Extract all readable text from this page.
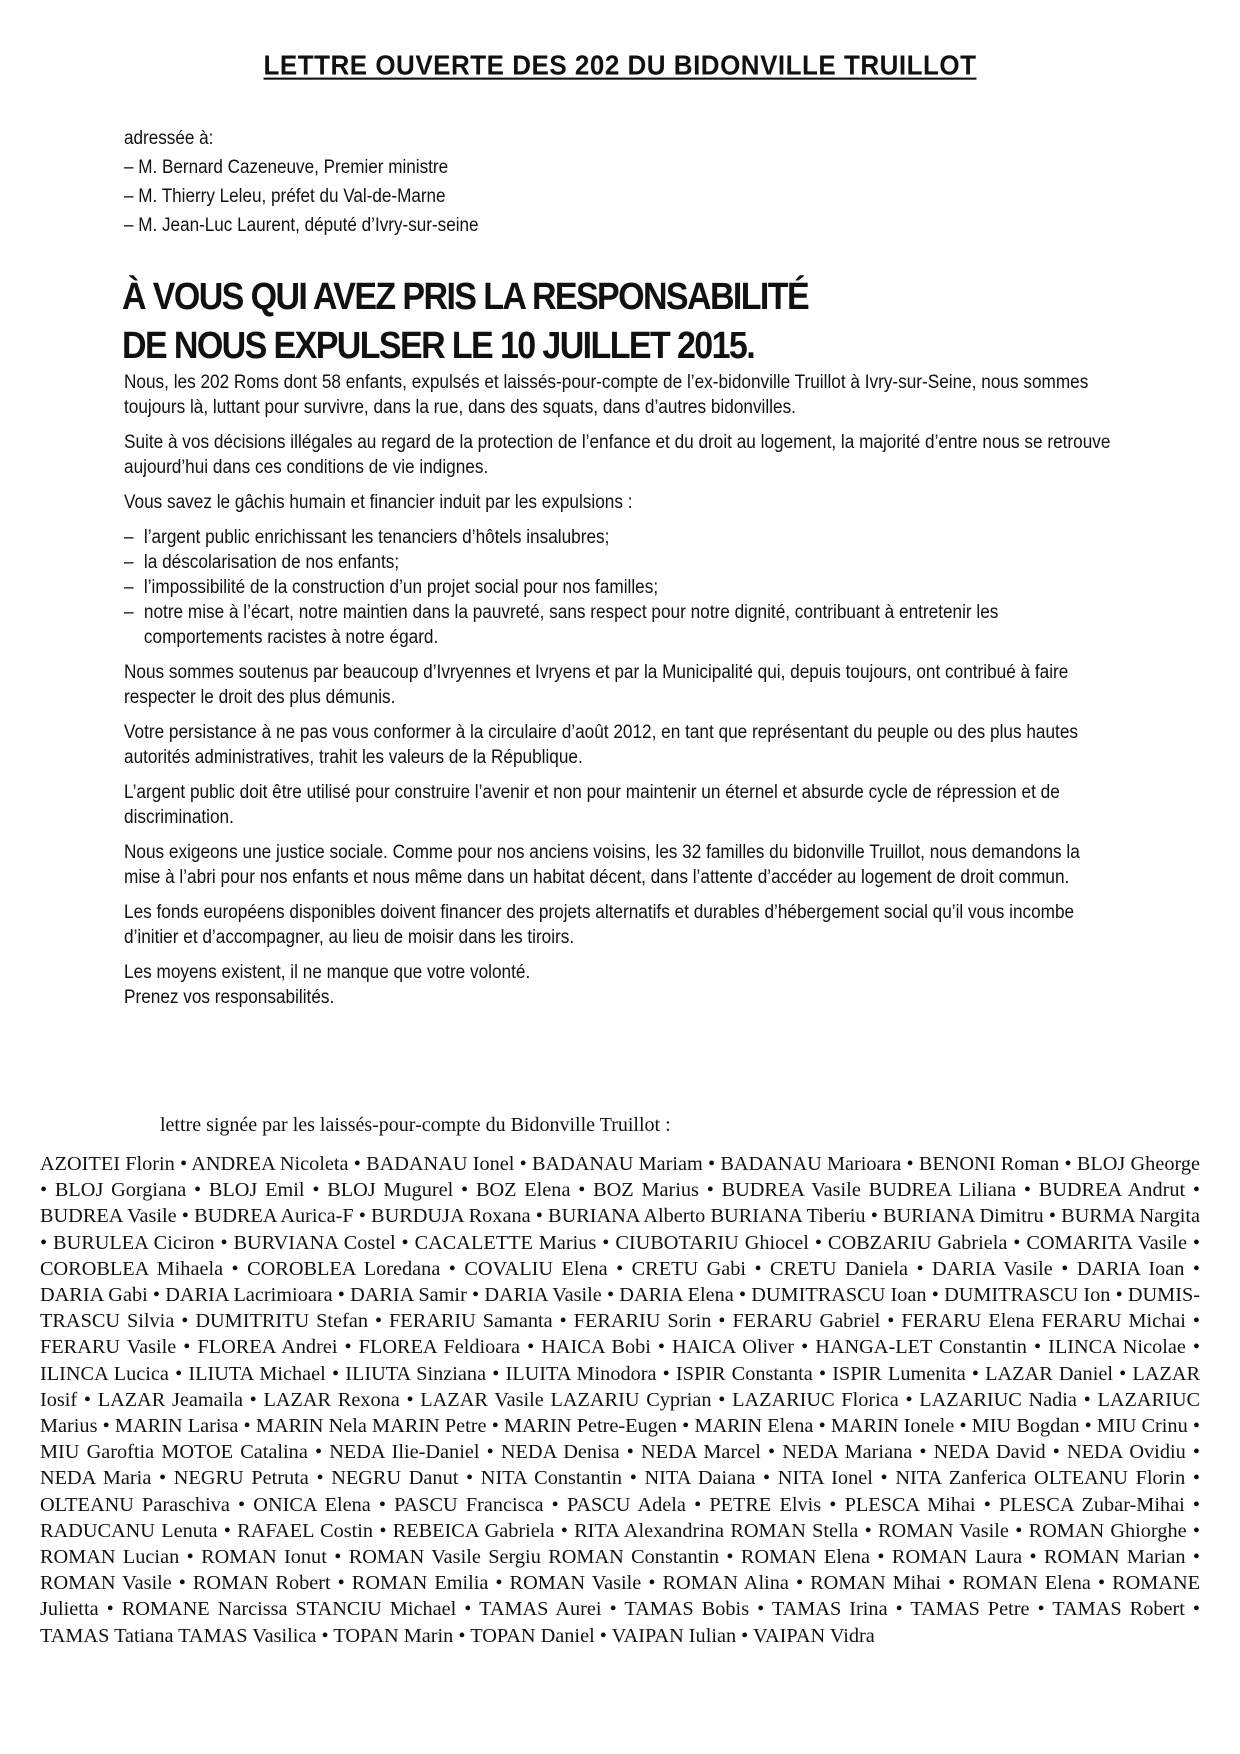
LETTRE OUVERTE DES 202 DU BIDONVILLE TRUILLOT
adressée à:
– M. Bernard Cazeneuve, Premier ministre
– M. Thierry Leleu, préfet du Val-de-Marne
– M. Jean-Luc Laurent, député d’Ivry-sur-seine
À VOUS QUI AVEZ PRIS LA RESPONSABILITÉ
DE NOUS EXPULSER LE 10 JUILLET 2015.

Nous, les 202 Roms dont 58 enfants, expulsés et laissés-pour-compte de l’ex-bidonville Truillot à Ivry-sur-Seine, nous sommes toujours là, luttant pour survivre, dans la rue, dans des squats, dans d’autres bidonvilles.

Suite à vos décisions illégales au regard de la protection de l’enfance et du droit au logement, la majorité d’entre nous se retrouve aujourd’hui dans ces conditions de vie indignes.

Vous savez le gâchis humain et financier induit par les expulsions :

– l’argent public enrichissant les tenanciers d’hôtels insalubres;
– la déscolarisation de nos enfants;
– l’impossibilité de la construction d’un projet social pour nos familles;
– notre mise à l’écart, notre maintien dans la pauvreté, sans respect pour notre dignité, contribuant à entretenir les comportements racistes à notre égard.

Nous sommes soutenus par beaucoup d’Ivryennes et Ivryens et par la Municipalité qui, depuis toujours, ont contribué à faire respecter le droit des plus démunis.

Votre persistance à ne pas vous conformer à la circulaire d’août 2012, en tant que représentant du peuple ou des plus hautes autorités administratives, trahit les valeurs de la République.

L’argent public doit être utilisé pour construire l’avenir et non pour maintenir un éternel et absurde cycle de répression et de discrimination.

Nous exigeons une justice sociale. Comme pour nos anciens voisins, les 32 familles du bidonville Truillot, nous demandons la mise à l’abri pour nos enfants et nous même dans un habitat décent, dans l’attente d’accéder au logement de droit commun.

Les fonds européens disponibles doivent financer des projets alternatifs et durables d’hébergement social qu’il vous incombe d’initier et d’accompagner, au lieu de moisir dans les tiroirs.

Les moyens existent, il ne manque que votre volonté.
Prenez vos responsabilités.

lettre signée par les laissés-pour-compte du Bidonville Truillot :
AZOITEI Florin • ANDREA Nicoleta • BADANAU Ionel • BADANAU Mariam • BADANAU Marioara • BENONI Roman • BLOJ Gheorge • BLOJ Gorgiana • BLOJ Emil • BLOJ Mugurel • BOZ Elena • BOZ Marius • BUDREA Vasile BUDREA Liliana • BUDREA Andrut • BUDREA Vasile • BUDREA Aurica-F • BURDUJA Roxana • BURIANA Alberto BURIANA Tiberiu • BURIANA Dimitru • BURMA Nargita • BURULEA Ciciron • BURVIANA Costel • CACALETTE Marius • CIUBOTARIU Ghiocel • COBZARIU Gabriela • COMARITA Vasile • COROBLEA Mihaela • COROBLEA Loredana • COVALIU Elena • CRETU Gabi • CRETU Daniela • DARIA Vasile • DARIA Ioan • DARIA Gabi • DARIA Lacrimioara • DARIA Samir • DARIA Vasile • DARIA Elena • DUMITRASCU Ioan • DUMITRASCU Ion • DUMIS-TRASCU Silvia • DUMITRITU Stefan • FERARIU Samanta • FERARIU Sorin • FERARU Gabriel • FERARU Elena FERARU Michai • FERARU Vasile • FLOREA Andrei • FLOREA Feldioara • HAICA Bobi • HAICA Oliver • HANGA-LET Constantin • ILINCA Nicolae • ILINCA Lucica • ILIUTA Michael • ILIUTA Sinziana • ILUITA Minodora • ISPIR Constanta • ISPIR Lumenita • LAZAR Daniel • LAZAR Iosif • LAZAR Jeamaila • LAZAR Rexona • LAZAR Vasile LAZARIU Cyprian • LAZARIUC Florica • LAZARIUC Nadia • LAZARIUC Marius • MARIN Larisa • MARIN Nela MARIN Petre • MARIN Petre-Eugen • MARIN Elena • MARIN Ionele • MIU Bogdan • MIU Crinu • MIU Garoftia MOTOE Catalina • NEDA Ilie-Daniel • NEDA Denisa • NEDA Marcel • NEDA Mariana • NEDA David • NEDA Ovidiu • NEDA Maria • NEGRU Petruta • NEGRU Danut • NITA Constantin • NITA Daiana • NITA Ionel • NITA Zanferica OLTEANU Florin • OLTEANU Paraschiva • ONICA Elena • PASCU Francisca • PASCU Adela • PETRE Elvis • PLESCA Mihai • PLESCA Zubar-Mihai • RADUCANU Lenuta • RAFAEL Costin • REBEICA Gabriela • RITA Alexandrina ROMAN Stella • ROMAN Vasile • ROMAN Ghiorghe • ROMAN Lucian • ROMAN Ionut • ROMAN Vasile Sergiu ROMAN Constantin • ROMAN Elena • ROMAN Laura • ROMAN Marian • ROMAN Vasile • ROMAN Robert • ROMAN Emilia • ROMAN Vasile • ROMAN Alina • ROMAN Mihai • ROMAN Elena • ROMANE Julietta • ROMANE Narcissa STANCIU Michael • TAMAS Aurei • TAMAS Bobis • TAMAS Irina • TAMAS Petre • TAMAS Robert • TAMAS Tatiana TAMAS Vasilica • TOPAN Marin • TOPAN Daniel • VAIPAN Iulian • VAIPAN Vidra
